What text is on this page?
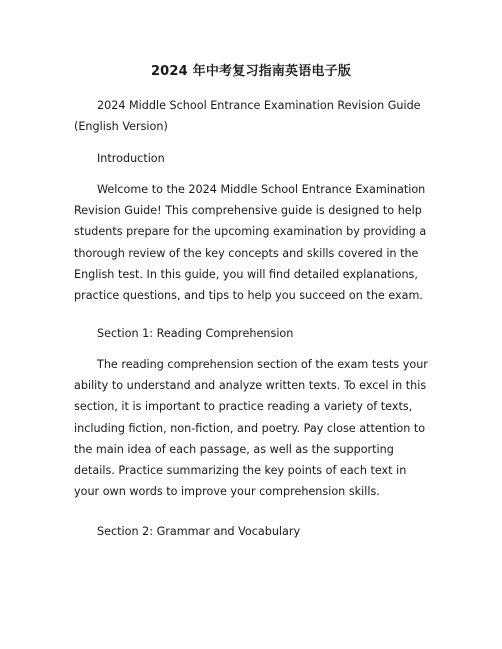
2024 年中考复习指南英语电子版

2024 Middle School Entrance Examination Revision Guide (English Version)

Introduction

Welcome to the 2024 Middle School Entrance Examination Revision Guide! This comprehensive guide is designed to help students prepare for the upcoming examination by providing a thorough review of the key concepts and skills covered in the English test. In this guide, you will find detailed explanations, practice questions, and tips to help you succeed on the exam.

Section 1: Reading Comprehension

The reading comprehension section of the exam tests your ability to understand and analyze written texts. To excel in this section, it is important to practice reading a variety of texts, including fiction, non-fiction, and poetry. Pay close attention to the main idea of each passage, as well as the supporting details. Practice summarizing the key points of each text in your own words to improve your comprehension skills.

Section 2: Grammar and Vocabulary
